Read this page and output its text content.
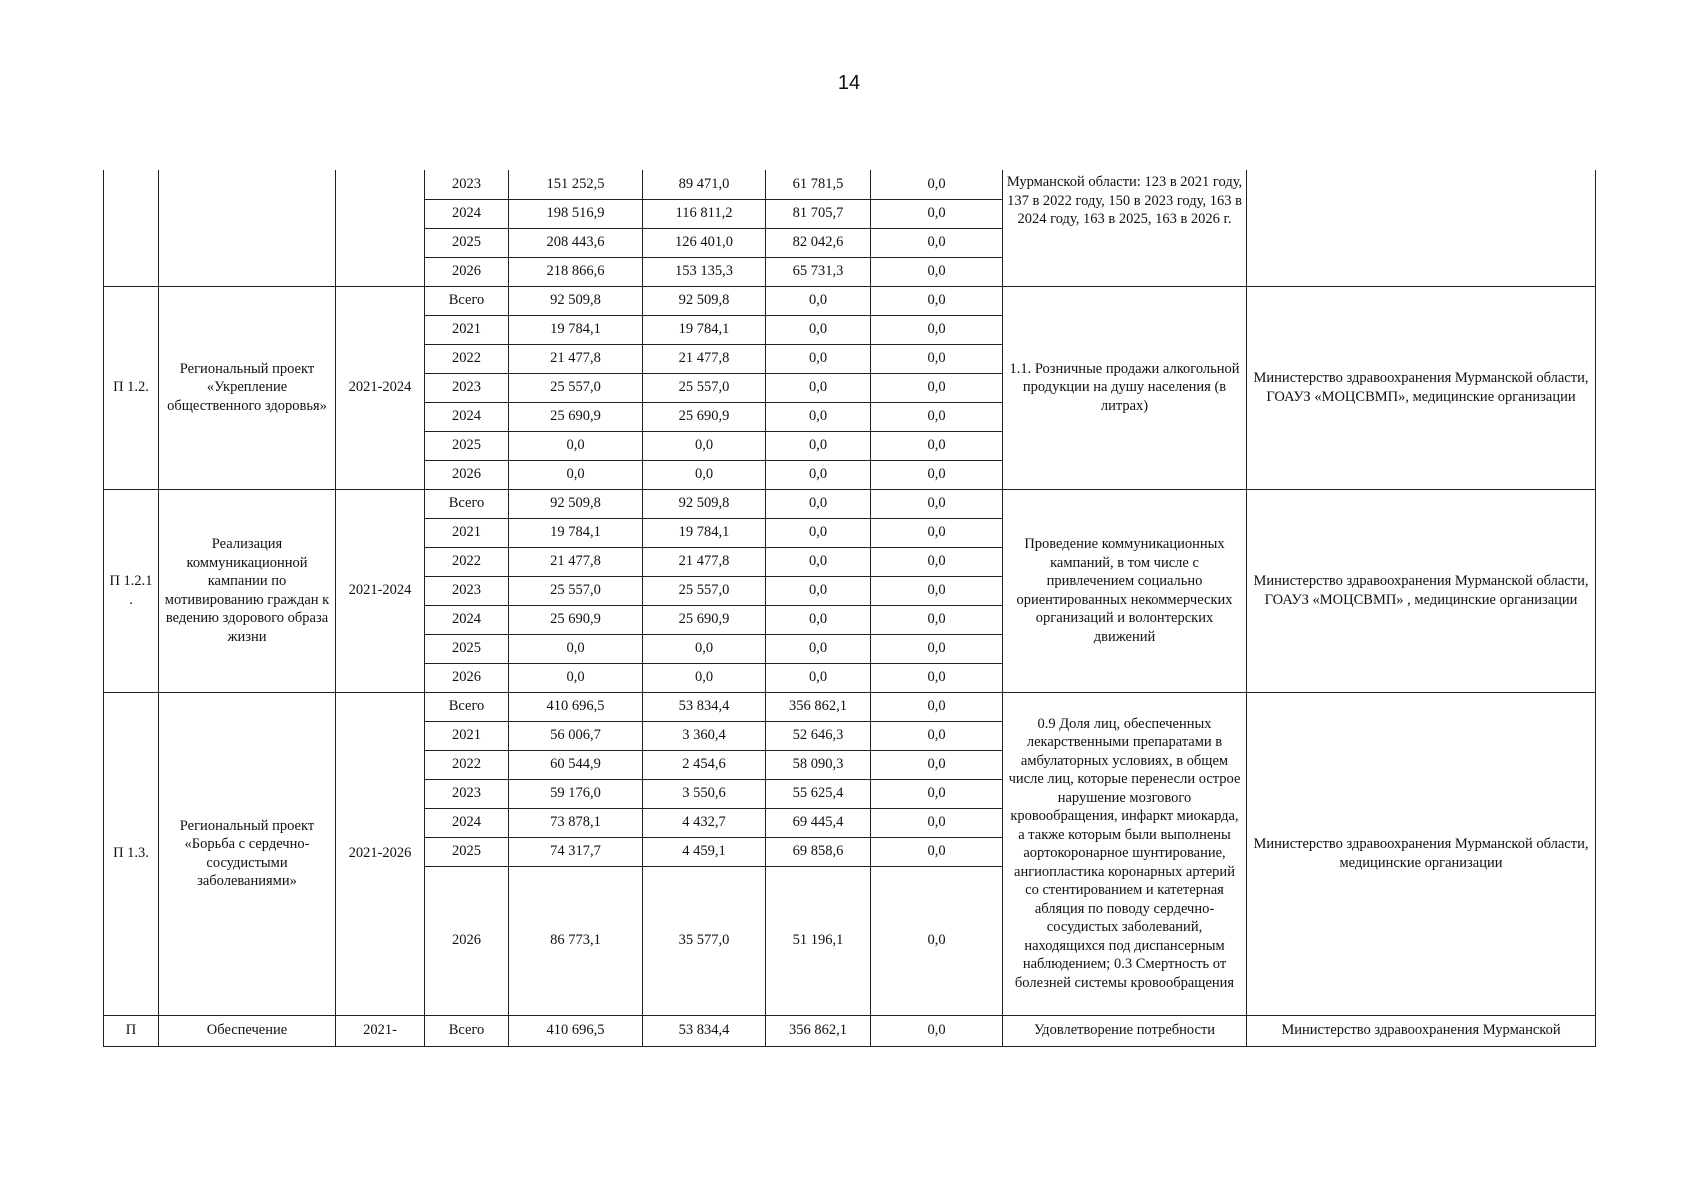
14
			2023	151 252,5	89 471,0	61 781,5	0,0	Мурманской области: 123 в 2021 году, 137 в 2022 году, 150 в 2023 году, 163 в 2024 году, 163 в 2025, 163 в 2026 г.	
			2024	198 516,9	116 811,2	81 705,7	0,0		
			2025	208 443,6	126 401,0	82 042,6	0,0		
			2026	218 866,6	153 135,3	65 731,3	0,0		
П 1.2.	Региональный проект «Укрепление общественного здоровья»	2021-2024	Всего	92 509,8	92 509,8	0,0	0,0	1.1. Розничные продажи алкогольной продукции на душу населения (в литрах)	Министерство здравоохранения Мурманской области, ГОАУЗ «МОЦСВМП», медицинские организации
			2021	19 784,1	19 784,1	0,0	0,0		
			2022	21 477,8	21 477,8	0,0	0,0		
			2023	25 557,0	25 557,0	0,0	0,0		
			2024	25 690,9	25 690,9	0,0	0,0		
			2025	0,0	0,0	0,0	0,0		
			2026	0,0	0,0	0,0	0,0		
П 1.2.1 .	Реализация коммуникационной кампании по мотивированию граждан к ведению здорового образа жизни	2021-2024	Всего	92 509,8	92 509,8	0,0	0,0	Проведение коммуникационных кампаний, в том числе с привлечением социально ориентированных некоммерческих организаций и волонтерских движений	Министерство здравоохранения Мурманской области, ГОАУЗ «МОЦСВМП» , медицинские организации
			2021	19 784,1	19 784,1	0,0	0,0		
			2022	21 477,8	21 477,8	0,0	0,0		
			2023	25 557,0	25 557,0	0,0	0,0		
			2024	25 690,9	25 690,9	0,0	0,0		
			2025	0,0	0,0	0,0	0,0		
			2026	0,0	0,0	0,0	0,0		
П 1.3.	Региональный проект «Борьба с сердечно-сосудистыми заболеваниями»	2021-2026	Всего	410 696,5	53 834,4	356 862,1	0,0	0.9 Доля лиц, обеспеченных лекарственными препаратами в амбулаторных условиях, в общем числе лиц, которые перенесли острое нарушение мозгового кровообращения, инфаркт миокарда, а также которым были выполнены аортокоронарное шунтирование, ангиопластика коронарных артерий со стентированием и катетерная абляция по поводу сердечно-сосудистых заболеваний, находящихся под диспансерным наблюдением; 0.3 Смертность от болезней системы кровообращения	Министерство здравоохранения Мурманской области, медицинские организации
			2021	56 006,7	3 360,4	52 646,3	0,0		
			2022	60 544,9	2 454,6	58 090,3	0,0		
			2023	59 176,0	3 550,6	55 625,4	0,0		
			2024	73 878,1	4 432,7	69 445,4	0,0		
			2025	74 317,7	4 459,1	69 858,6	0,0		
			2026	86 773,1	35 577,0	51 196,1	0,0		
П	Обеспечение	2021-	Всего	410 696,5	53 834,4	356 862,1	0,0	Удовлетворение потребности	Министерство здравоохранения Мурманской
